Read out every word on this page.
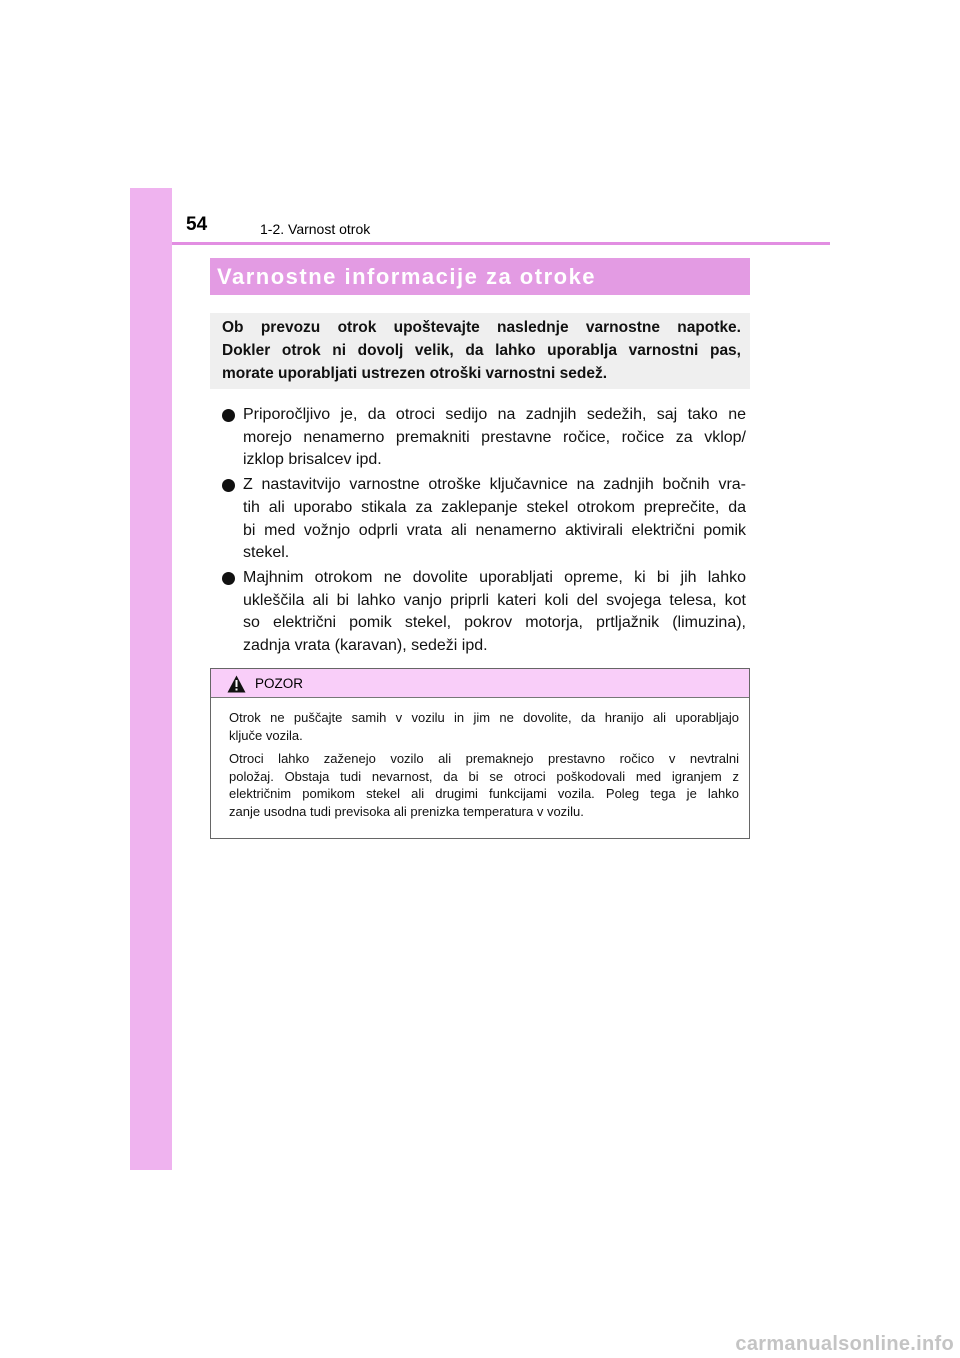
54	1-2. Varnost otrok
Varnostne informacije za otroke
Ob prevozu otrok upoštevajte naslednje varnostne napotke.
Dokler otrok ni dovolj velik, da lahko uporablja varnostni pas,
morate uporabljati ustrezen otroški varnostni sedež.
Priporočljivo je, da otroci sedijo na zadnjih sedežih, saj tako ne
morejo nenamerno premakniti prestavne ročice, ročice za vklop/
izklop brisalcev ipd.
Z nastavitvijo varnostne otroške ključavnice na zadnjih bočnih vra-
tih ali uporabo stikala za zaklepanje stekel otrokom preprečite, da
bi med vožnjo odprli vrata ali nenamerno aktivirali električni pomik
stekel.
Majhnim otrokom ne dovolite uporabljati opreme, ki bi jih lahko
ukleščila ali bi lahko vanjo priprli kateri koli del svojega telesa, kot
so električni pomik stekel, pokrov motorja, prtljažnik (limuzina),
zadnja vrata (karavan), sedeži ipd.
POZOR
Otrok ne puščajte samih v vozilu in jim ne dovolite, da hranijo ali uporabljajo
ključe vozila.
Otroci lahko zaženejo vozilo ali premaknejo prestavno ročico v nevtralni
položaj. Obstaja tudi nevarnost, da bi se otroci poškodovali med igranjem z
električnim pomikom stekel ali drugimi funkcijami vozila. Poleg tega je lahko
zanje usodna tudi previsoka ali prenizka temperatura v vozilu.
carmanualsonline.info
